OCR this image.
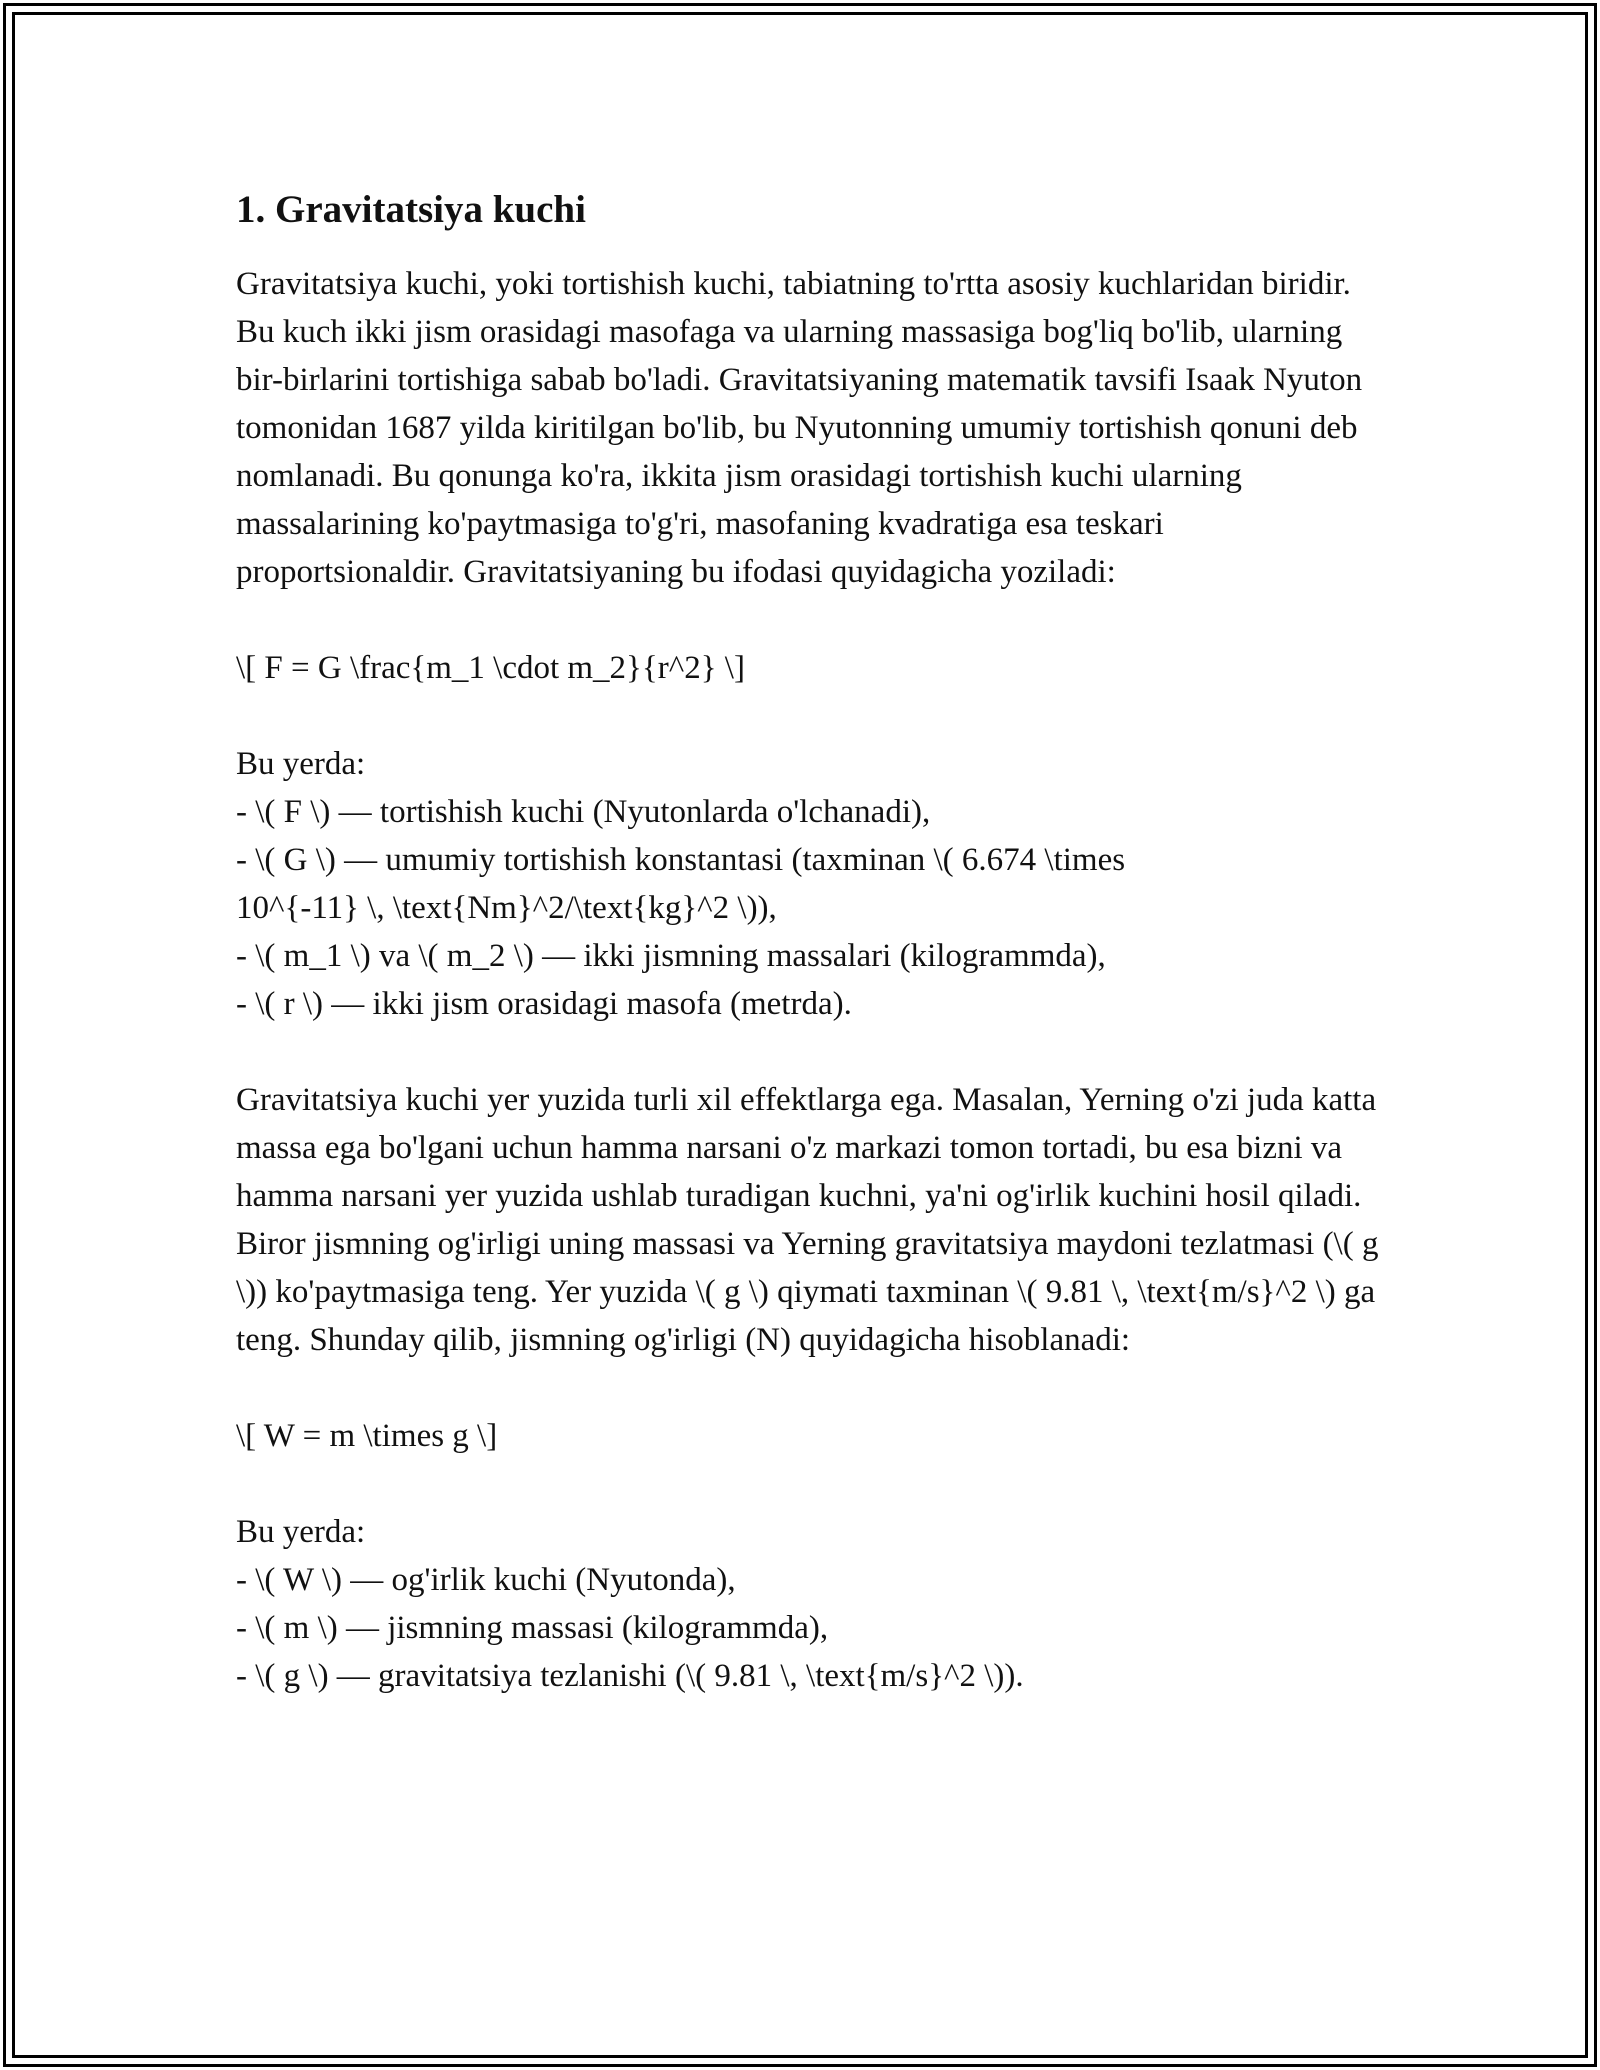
1. Gravitatsiya kuchi

Gravitatsiya kuchi, yoki tortishish kuchi, tabiatning to'rtta asosiy kuchlaridan biridir. Bu kuch ikki jism orasidagi masofaga va ularning massasiga bog'liq bo'lib, ularning bir-birlarini tortishiga sabab bo'ladi. Gravitatsiyaning matematik tavsifi Isaak Nyuton tomonidan 1687 yilda kiritilgan bo'lib, bu Nyutonning umumiy tortishish qonuni deb nomlanadi. Bu qonunga ko'ra, ikkita jism orasidagi tortishish kuchi ularning massalarining ko'paytmasiga to'g'ri, masofaning kvadratiga esa teskari proportsionaldir. Gravitatsiyaning bu ifodasi quyidagicha yoziladi:

\[ F = G \frac{m_1 \cdot m_2}{r^2} \]

Bu yerda:

- \( F \) — tortishish kuchi (Nyutonlarda o'lchanadi),

- \( G \) — umumiy tortishish konstantasi (taxminan \( 6.674 \times

10^{-11} \, \text{Nm}^2/\text{kg}^2 \)),

- \( m_1 \) va \( m_2 \) — ikki jismning massalari (kilogrammda),

- \( r \) — ikki jism orasidagi masofa (metrda).

Gravitatsiya kuchi yer yuzida turli xil effektlarga ega. Masalan, Yerning o'zi juda katta massa ega bo'lgani uchun hamma narsani o'z markazi tomon tortadi, bu esa bizni va hamma narsani yer yuzida ushlab turadigan kuchni, ya'ni og'irlik kuchini hosil qiladi. Biror jismning og'irligi uning massasi va Yerning gravitatsiya maydoni tezlatmasi (\( g \)) ko'paytmasiga teng. Yer yuzida \( g \) qiymati taxminan \( 9.81 \, \text{m/s}^2 \) ga teng. Shunday qilib, jismning og'irligi (N) quyidagicha hisoblanadi:

\[ W = m \times g \]

Bu yerda:

- \( W \) — og'irlik kuchi (Nyutonda),

- \( m \) — jismning massasi (kilogrammda),

- \( g \) — gravitatsiya tezlanishi (\( 9.81 \, \text{m/s}^2 \)).
